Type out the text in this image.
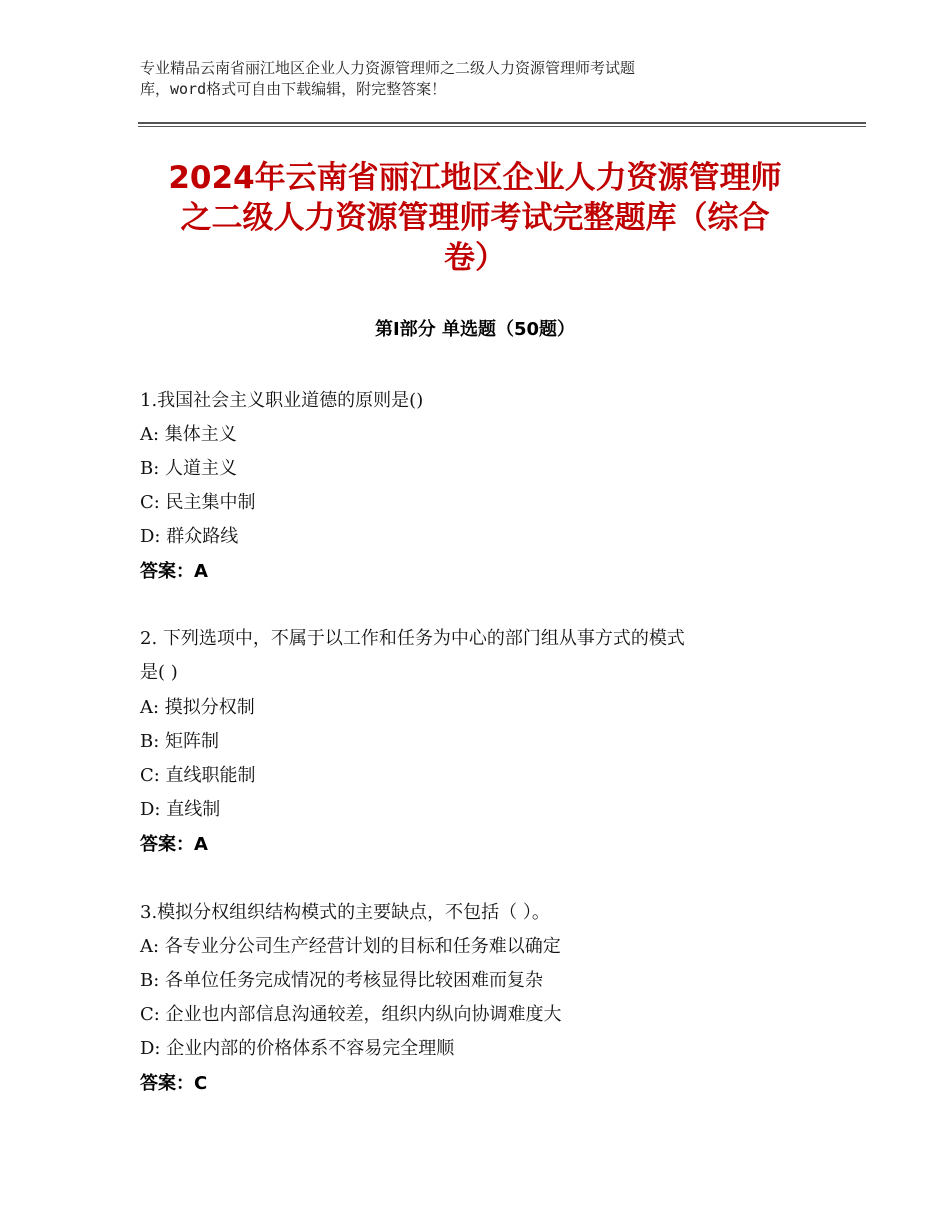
专业精品云南省丽江地区企业人力资源管理师之二级人力资源管理师考试题
库，word格式可自由下载编辑，附完整答案！
2024年云南省丽江地区企业人力资源管理师
之二级人力资源管理师考试完整题库（综合
卷）
第Ⅰ部分 单选题（50题）
1.我国社会主义职业道德的原则是()
A: 集体主义
B: 人道主义
C: 民主集中制
D: 群众路线
答案：A
2. 下列选项中，不属于以工作和任务为中心的部门组从事方式的模式
是( )
A: 摸拟分权制
B: 矩阵制
C: 直线职能制
D: 直线制
答案：A
3.模拟分权组织结构模式的主要缺点，不包括（ ）。
A: 各专业分公司生产经营计划的目标和任务难以确定
B: 各单位任务完成情况的考核显得比较困难而复杂
C: 企业也内部信息沟通较差，组织内纵向协调难度大
D: 企业内部的价格体系不容易完全理顺
答案：C
